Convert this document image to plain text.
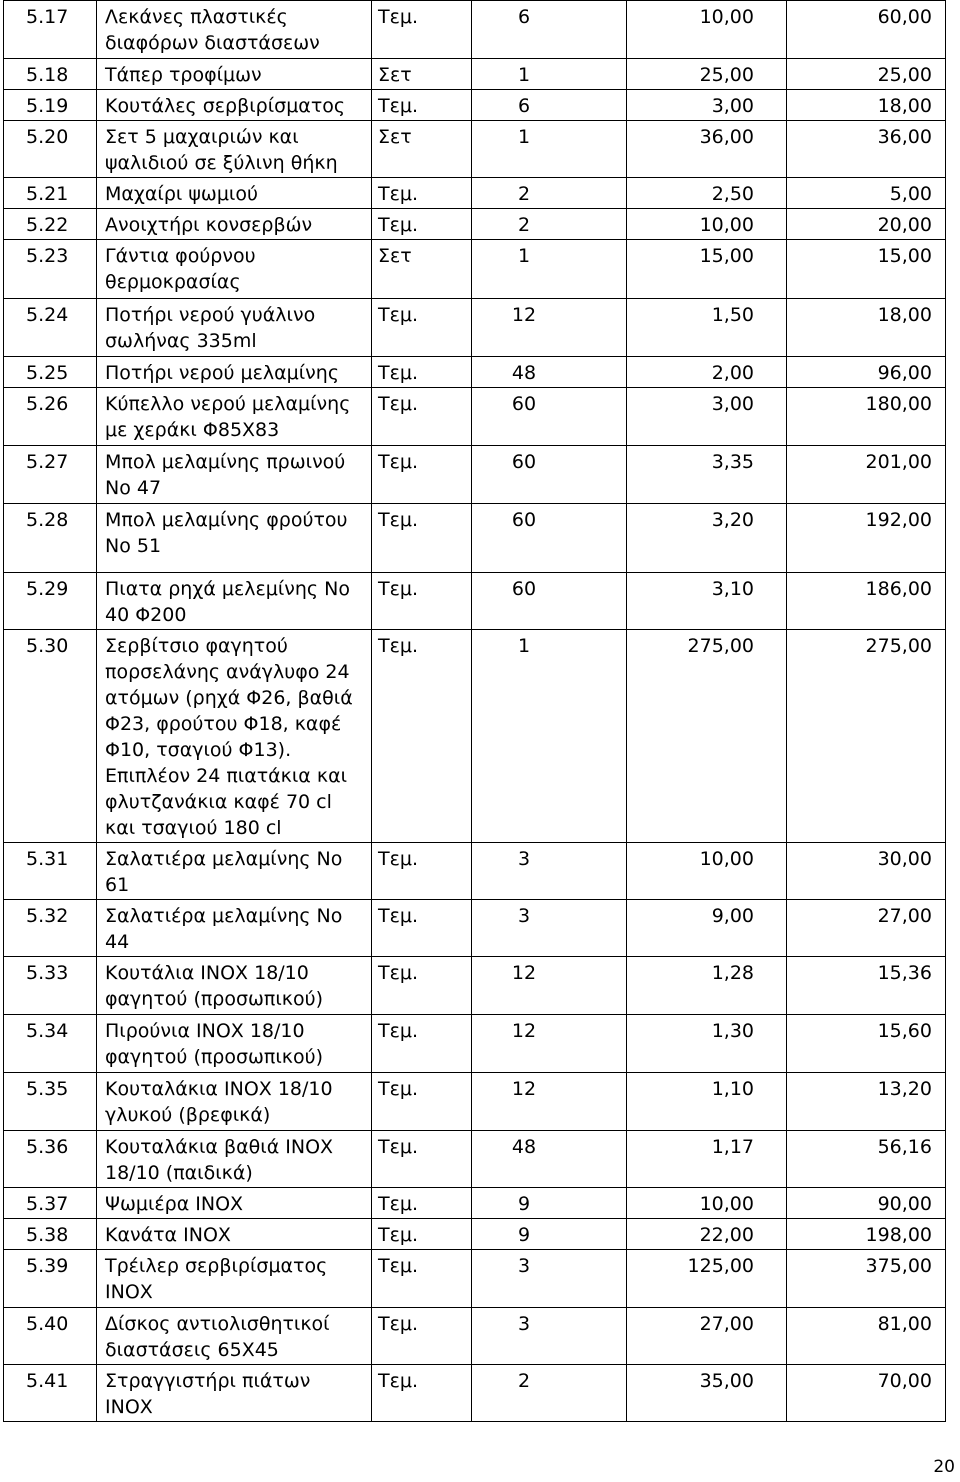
5.17	Λεκάνες πλαστικές διαφόρων διαστάσεων	Τεμ.	6	10,00	60,00
5.18	Τάπερ τροφίμων	Σετ	1	25,00	25,00
5.19	Κουτάλες σερβιρίσματος	Τεμ.	6	3,00	18,00
5.20	Σετ 5 μαχαιριών και ψαλιδιού σε ξύλινη θήκη	Σετ	1	36,00	36,00
5.21	Μαχαίρι ψωμιού	Τεμ.	2	2,50	5,00
5.22	Ανοιχτήρι κονσερβών	Τεμ.	2	10,00	20,00
5.23	Γάντια φούρνου θερμοκρασίας	Σετ	1	15,00	15,00
5.24	Ποτήρι νερού γυάλινο σωλήνας 335ml	Τεμ.	12	1,50	18,00
5.25	Ποτήρι νερού μελαμίνης	Τεμ.	48	2,00	96,00
5.26	Κύπελλο νερού μελαμίνης με χεράκι Φ85Χ83	Τεμ.	60	3,00	180,00
5.27	Μπολ μελαμίνης πρωινού Νο 47	Τεμ.	60	3,35	201,00
5.28	Μπολ μελαμίνης φρούτου Νο 51	Τεμ.	60	3,20	192,00
5.29	Πιατα ρηχά μελεμίνης Νο 40 Φ200	Τεμ.	60	3,10	186,00
5.30	Σερβίτσιο φαγητού πορσελάνης ανάγλυφο 24 ατόμων (ρηχά Φ26, βαθιά Φ23, φρούτου Φ18, καφέ Φ10, τσαγιού Φ13). Επιπλέον 24 πιατάκια και φλυτζανάκια καφέ 70 cl και τσαγιού 180 cl	Τεμ.	1	275,00	275,00
5.31	Σαλατιέρα μελαμίνης Νο 61	Τεμ.	3	10,00	30,00
5.32	Σαλατιέρα μελαμίνης Νο 44	Τεμ.	3	9,00	27,00
5.33	Κουτάλια ΙΝΟΧ 18/10 φαγητού (προσωπικού)	Τεμ.	12	1,28	15,36
5.34	Πιρούνια ΙΝΟΧ 18/10 φαγητού (προσωπικού)	Τεμ.	12	1,30	15,60
5.35	Κουταλάκια ΙΝΟΧ 18/10 γλυκού (βρεφικά)	Τεμ.	12	1,10	13,20
5.36	Κουταλάκια βαθιά ΙΝΟΧ 18/10 (παιδικά)	Τεμ.	48	1,17	56,16
5.37	Ψωμιέρα ΙΝΟΧ	Τεμ.	9	10,00	90,00
5.38	Κανάτα ΙΝΟΧ	Τεμ.	9	22,00	198,00
5.39	Τρέιλερ σερβιρίσματος ΙΝΟΧ	Τεμ.	3	125,00	375,00
5.40	Δίσκος αντιολισθητικοί διαστάσεις 65Χ45	Τεμ.	3	27,00	81,00
5.41	Στραγγιστήρι πιάτων ΙΝΟΧ	Τεμ.	2	35,00	70,00
20
